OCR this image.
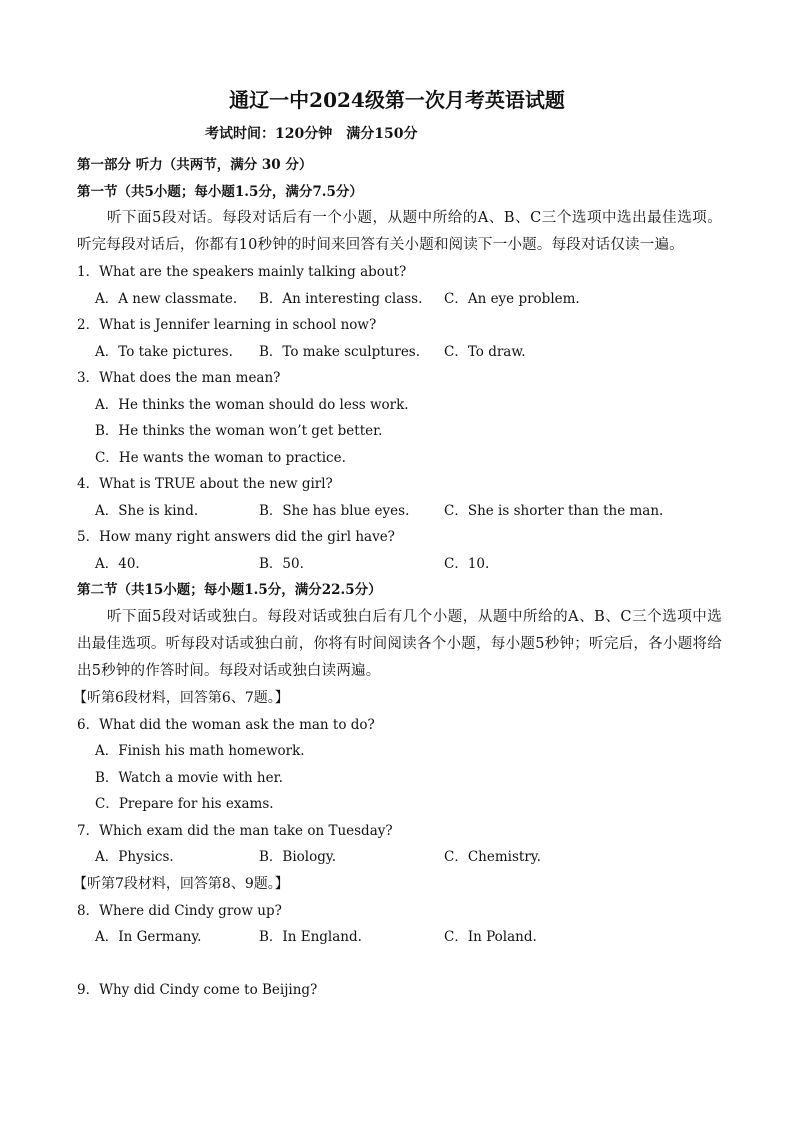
通辽一中2024级第一次月考英语试题
考试时间：120分钟　满分150分
第一部分 听力（共两节，满分 30 分）
第一节（共5小题；每小题1.5分，满分7.5分）
听下面5段对话。每段对话后有一个小题，从题中所给的A、B、C三个选项中选出最佳选项。听完每段对话后，你都有10秒钟的时间来回答有关小题和阅读下一小题。每段对话仅读一遍。
1．What are the speakers mainly talking about?
A．A new classmate. B．An interesting class. C．An eye problem.
2．What is Jennifer learning in school now?
A．To take pictures. B．To make sculptures. C．To draw.
3．What does the man mean?
A．He thinks the woman should do less work.
B．He thinks the woman won’t get better.
C．He wants the woman to practice.
4．What is TRUE about the new girl?
A．She is kind.	B．She has blue eyes.	C．She is shorter than the man.
5．How many right answers did the girl have?
A．40.	B．50.	C．10.
第二节（共15小题；每小题1.5分，满分22.5分）
听下面5段对话或独白。每段对话或独白后有几个小题，从题中所给的A、B、C三个选项中选出最佳选项。听每段对话或独白前，你将有时间阅读各个小题，每小题5秒钟；听完后，各小题将给出5秒钟的作答时间。每段对话或独白读两遍。
【听第6段材料，回答第6、7题。】
6．What did the woman ask the man to do?
A．Finish his math homework.
B．Watch a movie with her.
C．Prepare for his exams.
7．Which exam did the man take on Tuesday?
A．Physics.	B．Biology.	C．Chemistry.
【听第7段材料，回答第8、9题。】
8．Where did Cindy grow up?
A．In Germany.	B．In England.	C．In Poland.
9．Why did Cindy come to Beijing?
